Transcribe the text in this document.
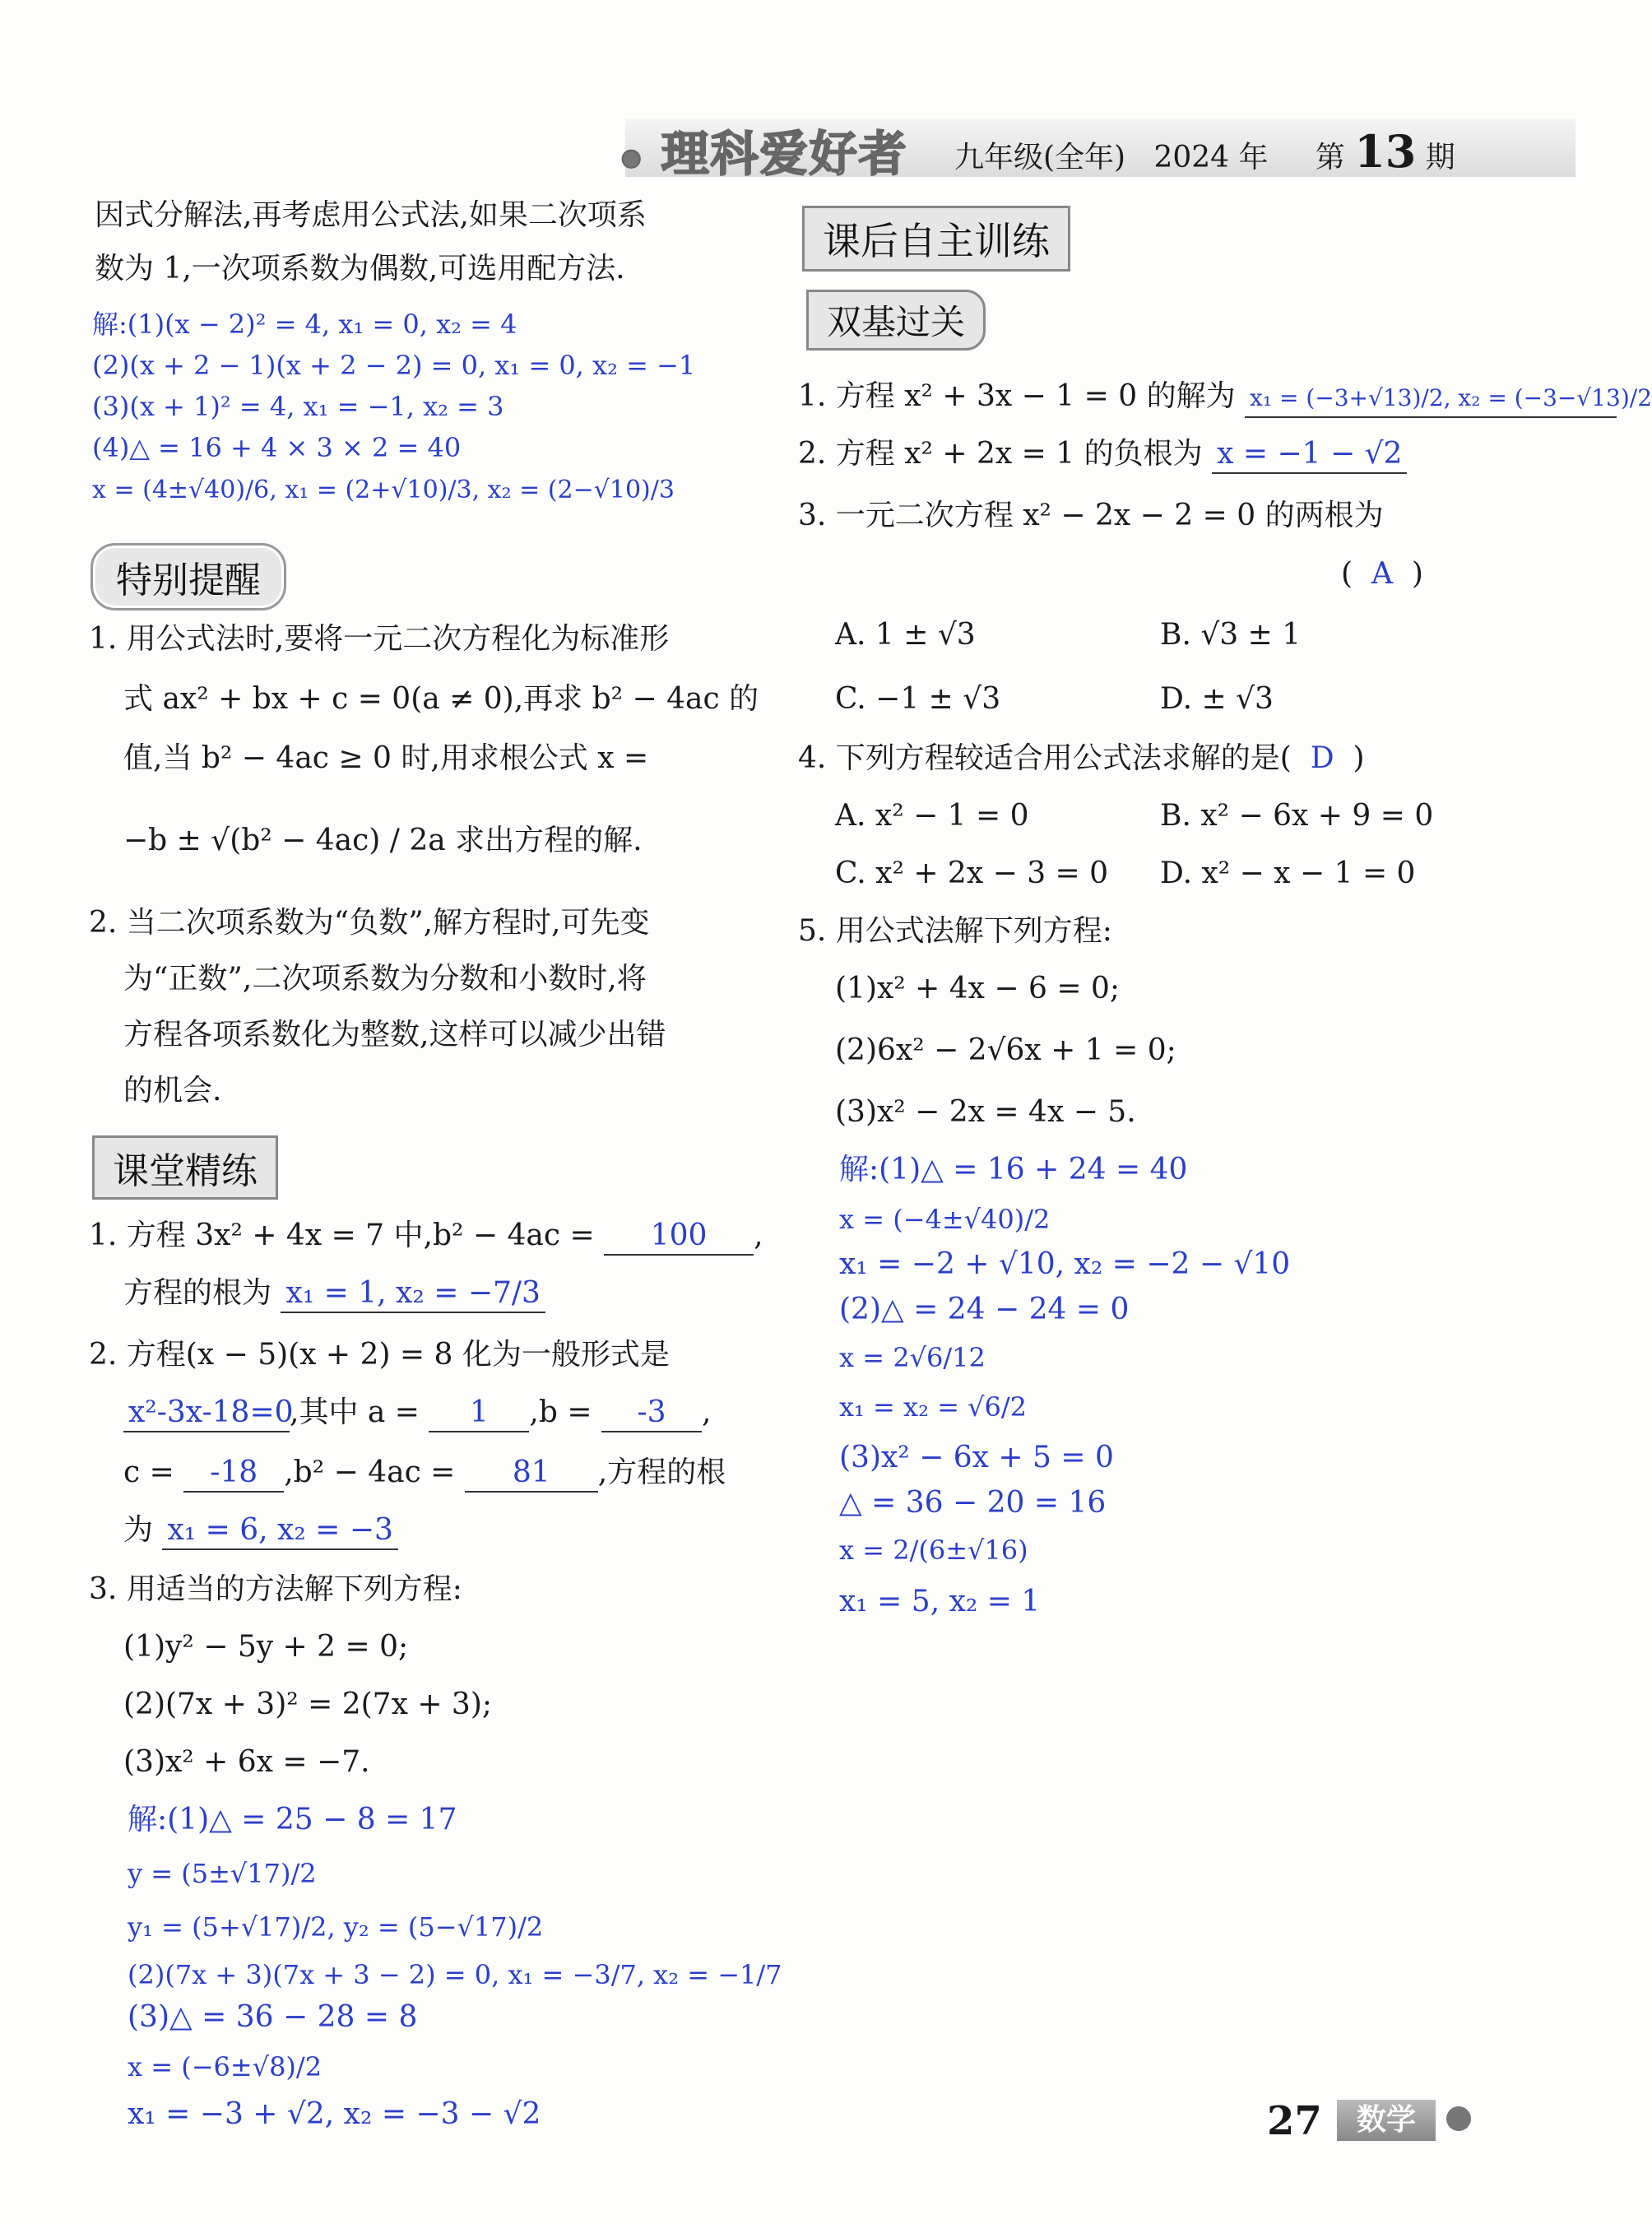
● 理科爱好者 九年级(全年) 2024 年 第 13 期
因式分解法,再考虑用公式法,如果二次项系
数为 1,一次项系数为偶数,可选用配方法.
解:(1)(x − 2)² = 4, x₁ = 0, x₂ = 4
(2)(x + 2 − 1)(x + 2 − 2) = 0, x₁ = 0, x₂ = −1
(3)(x + 1)² = 4, x₁ = −1, x₂ = 3
(4)△ = 16 + 4 × 3 × 2 = 40
x = (4±√40)/6, x₁ = (2+√10)/3, x₂ = (2−√10)/3
特别提醒
1. 用公式法时,要将一元二次方程化为标准形
式 ax² + bx + c = 0(a ≠ 0),再求 b² − 4ac 的
值,当 b² − 4ac ≥ 0 时,用求根公式 x =
−b ± √(b² − 4ac) / 2a 求出方程的解.
2. 当二次项系数为“负数”,解方程时,可先变
为“正数”,二次项系数为分数和小数时,将
方程各项系数化为整数,这样可以减少出错
的机会.
课堂精练
1. 方程 3x² + 4x = 7 中,b² − 4ac = 100 ,
方程的根为 x₁ = 1, x₂ = −7/3
2. 方程(x − 5)(x + 2) = 8 化为一般形式是
x²-3x-18=0,其中 a = 1 ,b = -3 ,
c = -18 ,b² − 4ac = 81 ,方程的根
为 x₁ = 6, x₂ = −3
3. 用适当的方法解下列方程:
(1)y² − 5y + 2 = 0;
(2)(7x + 3)² = 2(7x + 3);
(3)x² + 6x = −7.
解:(1)△ = 25 − 8 = 17
y = (5±√17)/2
y₁ = (5+√17)/2, y₂ = (5−√17)/2
(2)(7x + 3)(7x + 3 − 2) = 0, x₁ = −3/7, x₂ = −1/7
(3)△ = 36 − 28 = 8
x = (−6±√8)/2
x₁ = −3 + √2, x₂ = −3 − √2
课后自主训练
双基过关
1. 方程 x² + 3x − 1 = 0 的解为 x₁ = (−3+√13)/2, x₂ = (−3−√13)/2
2. 方程 x² + 2x = 1 的负根为 x = −1 − √2
3. 一元二次方程 x² − 2x − 2 = 0 的两根为
(  A  )
A. 1 ± √3	B. √3 ± 1
C. −1 ± √3	D. ± √3
4. 下列方程较适合用公式法求解的是( D )
A. x² − 1 = 0	B. x² − 6x + 9 = 0
C. x² + 2x − 3 = 0 D. x² − x − 1 = 0
5. 用公式法解下列方程:
(1)x² + 4x − 6 = 0;
(2)6x² − 2√6x + 1 = 0;
(3)x² − 2x = 4x − 5.
解:(1)△ = 16 + 24 = 40
x = (−4±√40)/2
x₁ = −2 + √10, x₂ = −2 − √10
(2)△ = 24 − 24 = 0
x = 2√6/12
x₁ = x₂ = √6/2
(3)x² − 6x + 5 = 0
△ = 36 − 20 = 16
x = 2/(6±√16)
x₁ = 5, x₂ = 1
27	数学
